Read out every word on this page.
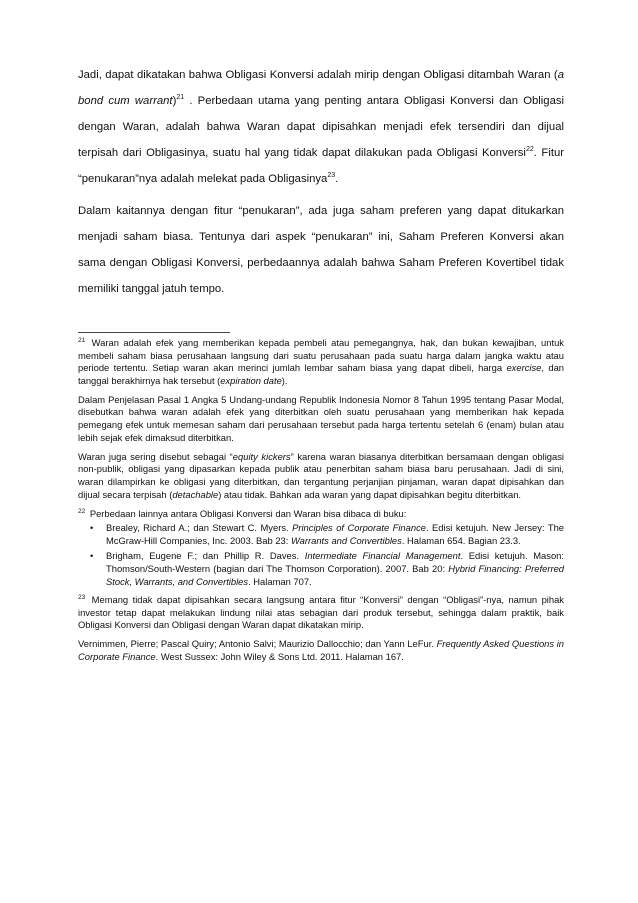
Jadi, dapat dikatakan bahwa Obligasi Konversi adalah mirip dengan Obligasi ditambah Waran (a bond cum warrant)$^{21}$ . Perbedaan utama yang penting antara Obligasi Konversi dan Obligasi dengan Waran, adalah bahwa Waran dapat dipisahkan menjadi efek tersendiri dan dijual terpisah dari Obligasinya, suatu hal yang tidak dapat dilakukan pada Obligasi Konversi$^{22}$. Fitur “penukaran”nya adalah melekat pada Obligasinya$^{23}$.

Dalam kaitannya dengan fitur “penukaran”, ada juga saham preferen yang dapat ditukarkan menjadi saham biasa. Tentunya dari aspek “penukaran” ini, Saham Preferen Konversi akan sama dengan Obligasi Konversi, perbedaannya adalah bahwa Saham Preferen Kovertibel tidak memiliki tanggal jatuh tempo.

$^{21}$ Waran adalah efek yang memberikan kepada pembeli atau pemegangnya, hak, dan bukan kewajiban, untuk membeli saham biasa perusahaan langsung dari suatu perusahaan pada suatu harga dalam jangka waktu atau periode tertentu. Setiap waran akan merinci jumlah lembar saham biasa yang dapat dibeli, harga exercise, dan tanggal berakhirnya hak tersebut (expiration date).

Dalam Penjelasan Pasal 1 Angka 5 Undang-undang Republik Indonesia Nomor 8 Tahun 1995 tentang Pasar Modal, disebutkan bahwa waran adalah efek yang diterbitkan oleh suatu perusahaan yang memberikan hak kepada pemegang efek untuk memesan saham dari perusahaan tersebut pada harga tertentu setelah 6 (enam) bulan atau lebih sejak efek dimaksud diterbitkan.

Waran juga sering disebut sebagai “equity kickers” karena waran biasanya diterbitkan bersamaan dengan obligasi non-publik, obligasi yang dipasarkan kepada publik atau penerbitan saham biasa baru perusahaan. Jadi di sini, waran dilampirkan ke obligasi yang diterbitkan, dan tergantung perjanjian pinjaman, waran dapat dipisahkan dan dijual secara terpisah (detachable) atau tidak. Bahkan ada waran yang dapat dipisahkan begitu diterbitkan.

$^{22}$ Perbedaan lainnya antara Obligasi Konversi dan Waran bisa dibaca di buku:

• Brealey, Richard A.; dan Stewart C. Myers. Principles of Corporate Finance. Edisi ketujuh. New Jersey: The McGraw-Hill Companies, Inc. 2003. Bab 23: Warrants and Convertibles. Halaman 654. Bagian 23.3.
• Brigham, Eugene F.; dan Phillip R. Daves. Intermediate Financial Management. Edisi ketujuh. Mason: Thomson/South-Western (bagian dari The Thomson Corporation). 2007. Bab 20: Hybrid Financing: Preferred Stock, Warrants, and Convertibles. Halaman 707.

$^{23}$ Memang tidak dapat dipisahkan secara langsung antara fitur “Konversi” dengan “Obligasi”-nya, namun pihak investor tetap dapat melakukan lindung nilai atas sebagian dari produk tersebut, sehingga dalam praktik, baik Obligasi Konversi dan Obligasi dengan Waran dapat dikatakan mirip.

Vernimmen, Pierre; Pascal Quiry; Antonio Salvi; Maurizio Dallocchio; dan Yann LeFur. Frequently Asked Questions in Corporate Finance. West Sussex: John Wiley & Sons Ltd. 2011. Halaman 167.
